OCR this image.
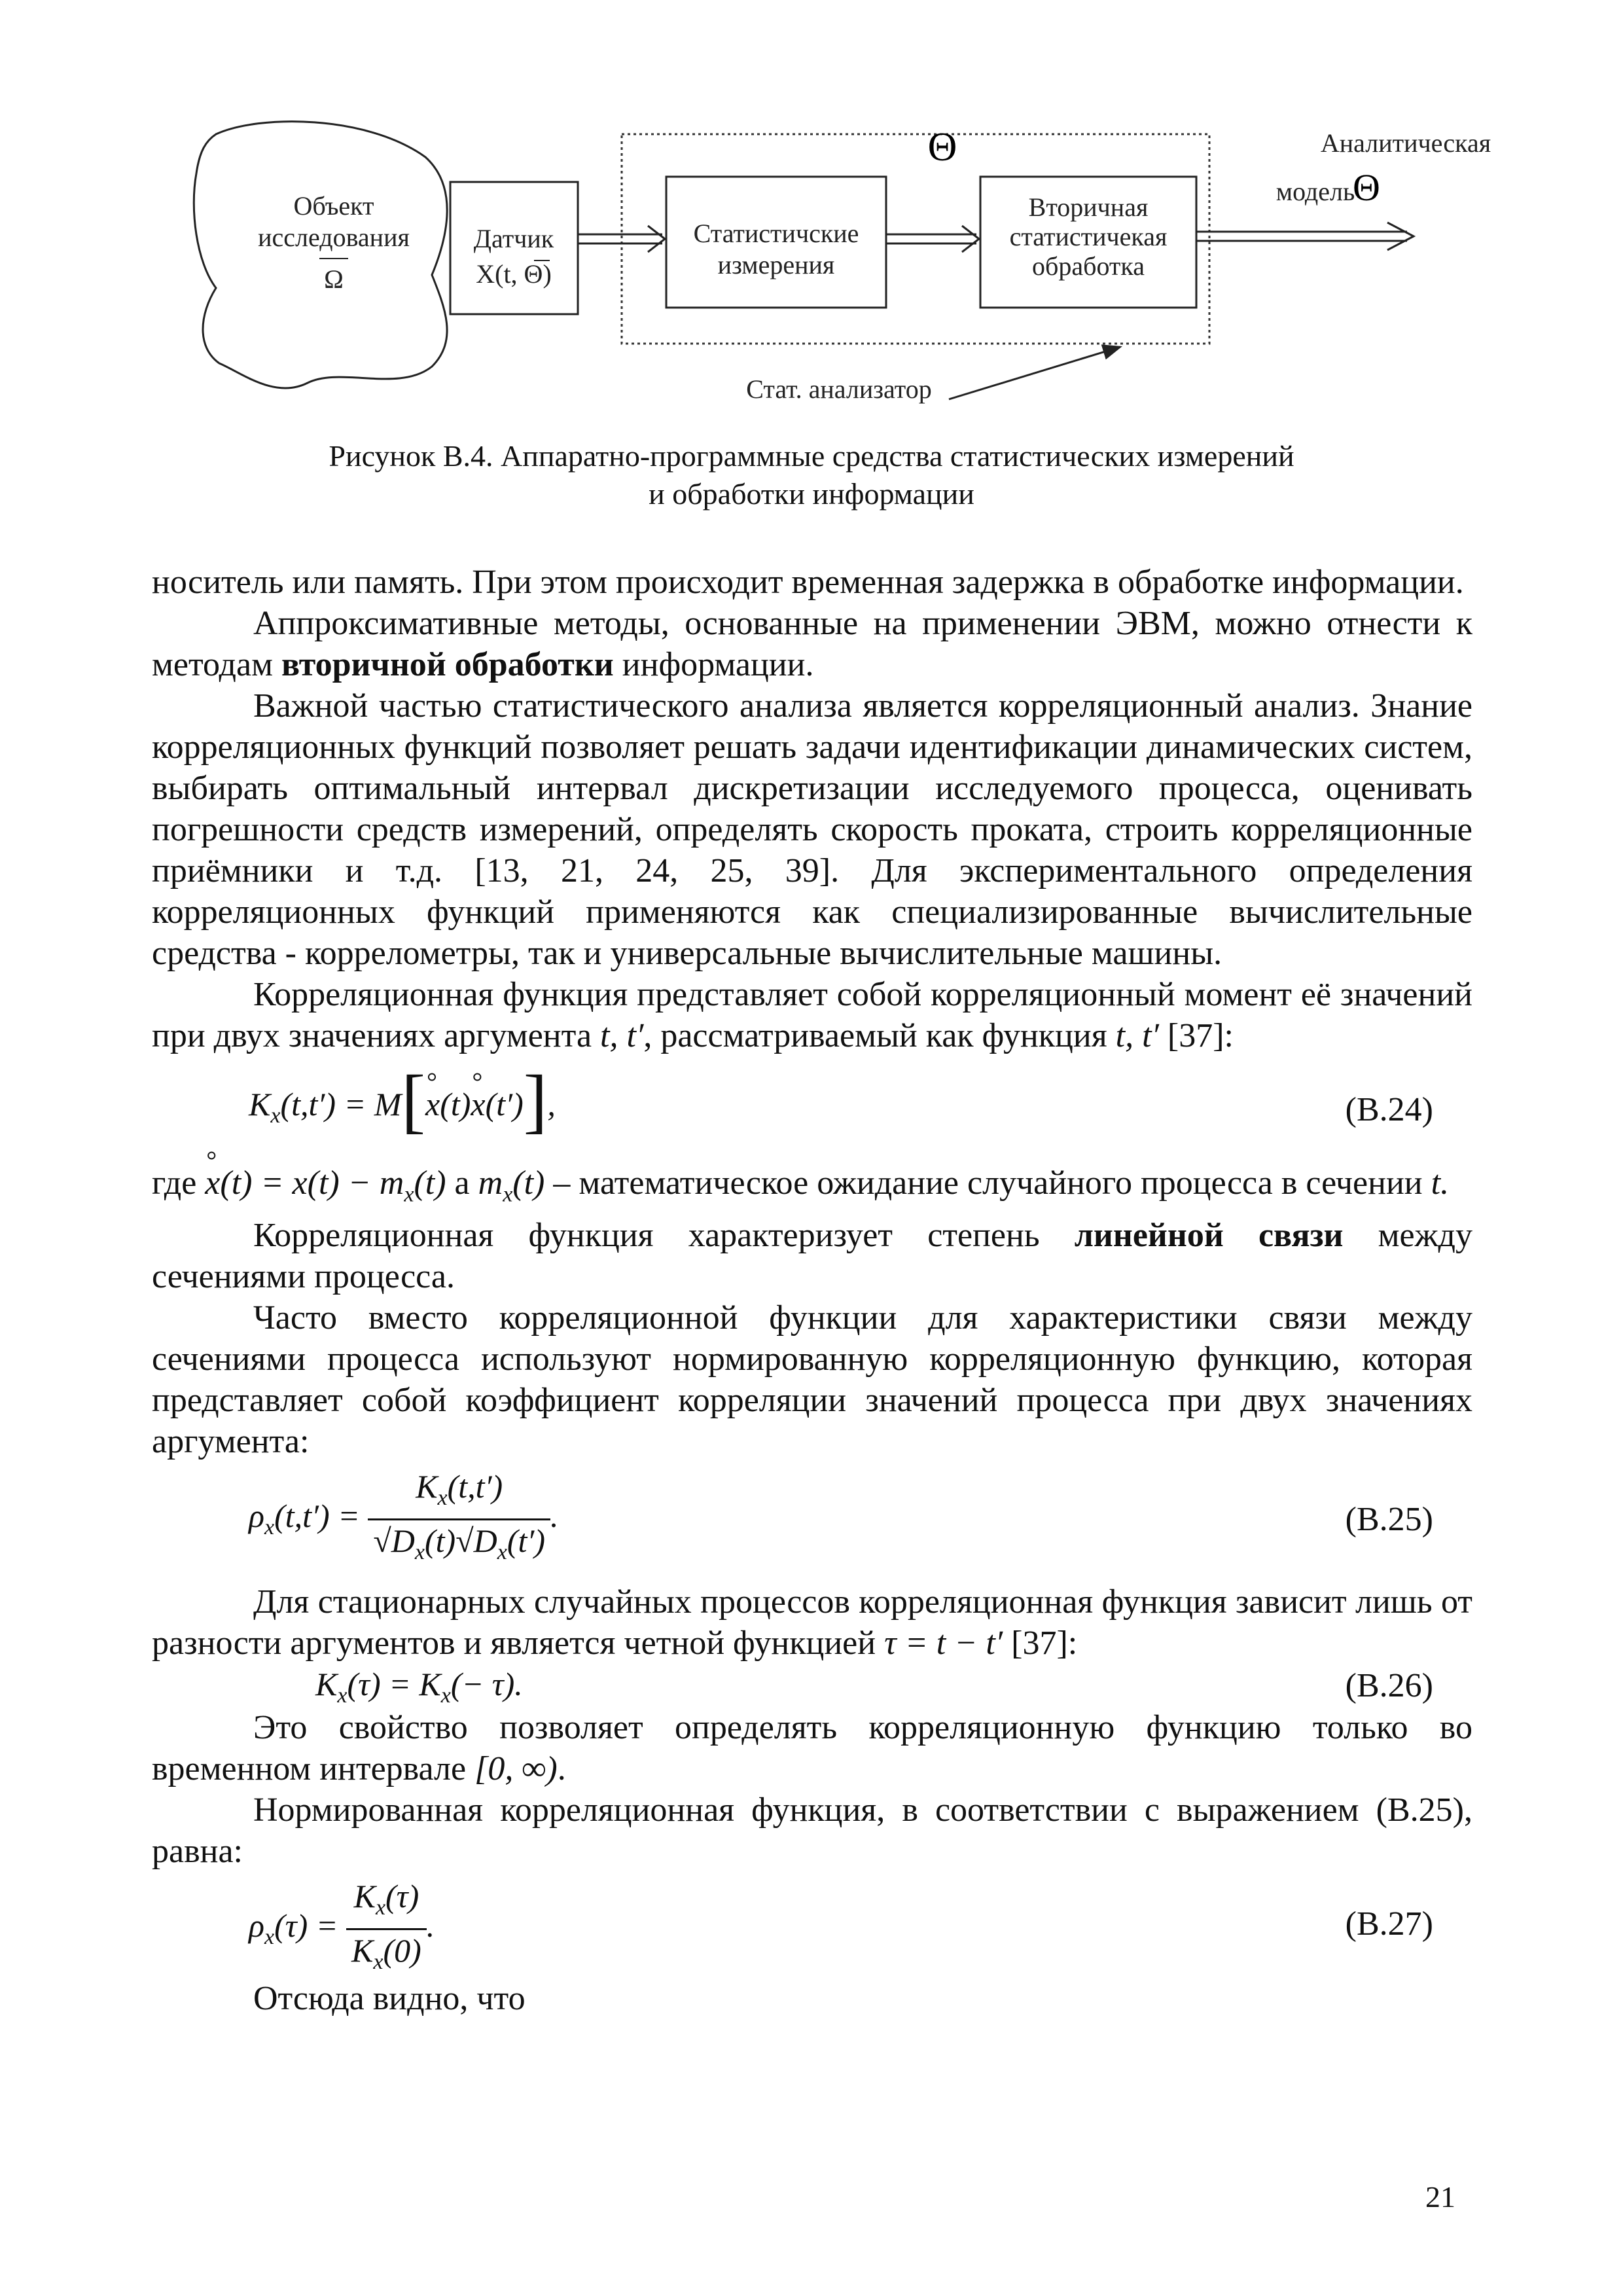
Объект
исследования
Ω
Датчик
X(t, Θ)
Статистичские
измерения
Вторичная
статистичекая
обработка
Θ	Аналитическая
модель
Θ
Стат. анализатор
Рисунок В.4. Аппаратно-программные средства статистических измерений
и обработки информации

носитель или память. При этом происходит временная задержка в обработке информации.

Аппроксимативные методы, основанные на применении ЭВМ, можно отнести к методам вторичной обработки информации.

Важной частью статистического анализа является корреляционный анализ. Знание корреляционных функций позволяет решать задачи идентификации динамических систем, выбирать оптимальный интервал дискретизации исследуемого процесса, оценивать погрешности средств измерений, определять скорость проката, строить корреляционные приёмники и т.д. [13, 21, 24, 25, 39]. Для экспериментального определения корреляционных функций применяются как специализированные вычислительные средства - коррелометры, так и универсальные вычислительные машины.

Корреляционная функция представляет собой корреляционный момент её значений при двух значениях аргумента t, t′, рассматриваемый как функция t, t′ [37]:

$K_x(t,t') = M[^\circ$ x(t)° x(t′)],	(В.24)

где ° $x(t) = x(t) - m_x(t)$ а $m_x(t)$ – математическое ожидание случайного процесса в сечении t.

Корреляционная функция характеризует степень линейной связи между сечениями процесса.

Часто вместо корреляционной функции для характеристики связи между сечениями процесса используют нормированную корреляционную функцию, которая представляет собой коэффициент корреляции значений процесса при двух значениях аргумента:

$\rho_x(t,t') = \frac{K_x(t,t')}{√D_x(t)√D_x(t')}$ .	(В.25)

Для стационарных случайных процессов корреляционная функция зависит лишь от разности аргументов и является четной функцией τ = t − t′ [37]:

$K_x(\tau) = K_x(- \tau)$.	(В.26)

Это свойство позволяет определять корреляционную функцию только во временном интервале [0, ∞).

Нормированная корреляционная функция, в соответствии с выражением (В.25), равна:

$\rho_x(\tau) = \frac{K_x(\tau)}{K_x(0)}$ .	(В.27)

Отсюда видно, что

21
